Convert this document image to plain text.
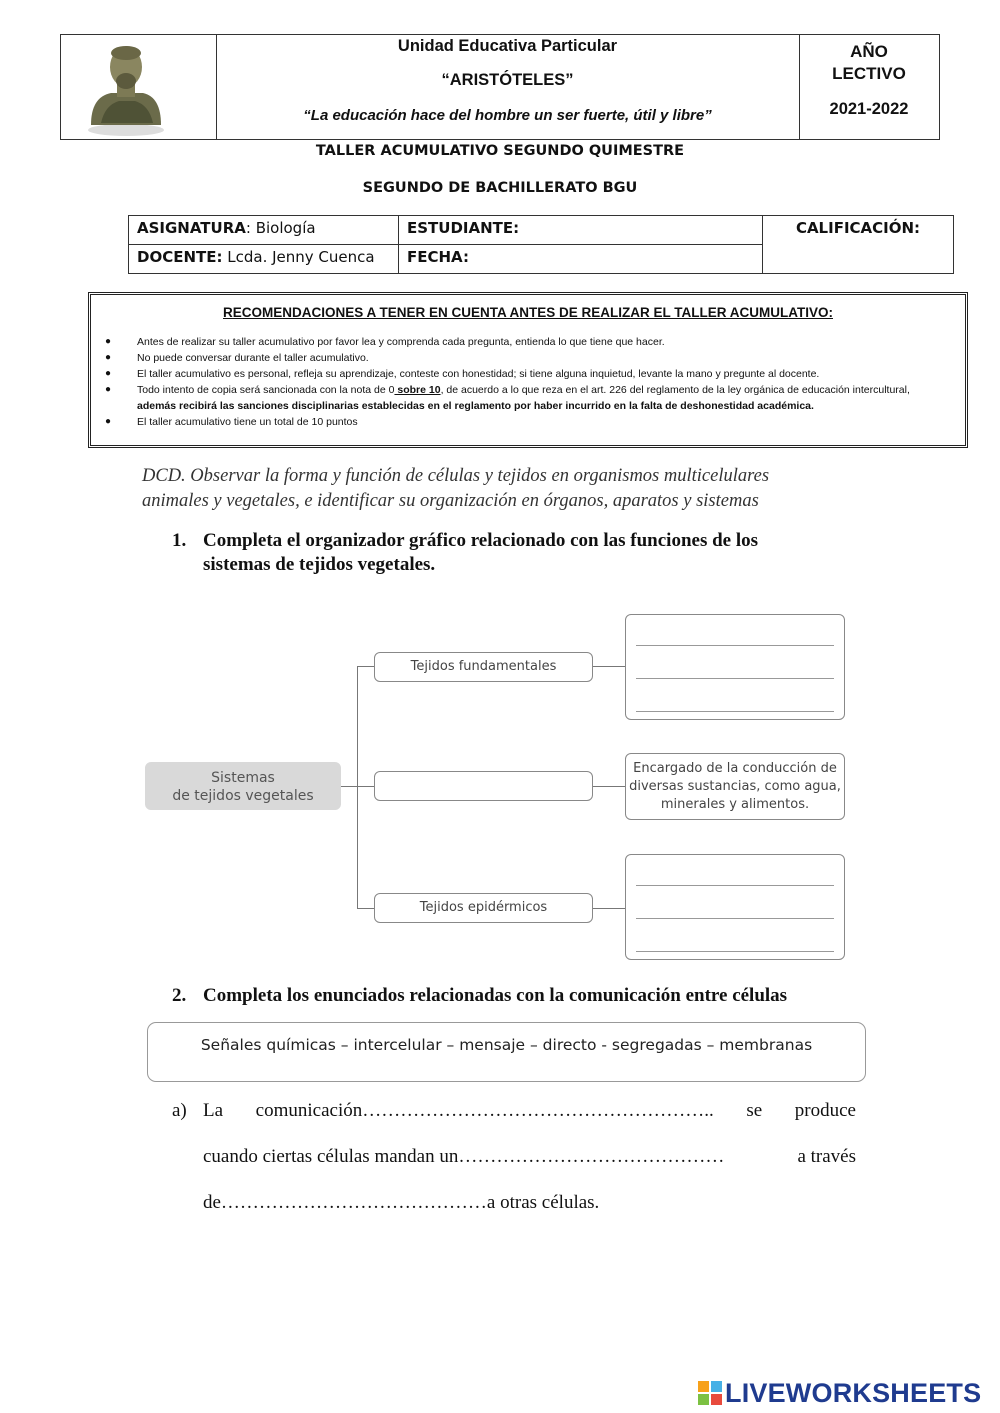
Unidad Educativa Particular
“ARISTÓTELES”
“La educación hace del hombre un ser fuerte, útil y libre”
AÑO
LECTIVO
2021-2022
TALLER ACUMULATIVO SEGUNDO QUIMESTRE
SEGUNDO DE BACHILLERATO BGU
ASIGNATURA: Biología
DOCENTE: Lcda. Jenny Cuenca
ESTUDIANTE:
FECHA:
CALIFICACIÓN:
RECOMENDACIONES A TENER EN CUENTA ANTES DE REALIZAR EL TALLER ACUMULATIVO:
● Antes de realizar su taller acumulativo por favor lea y comprenda cada pregunta, entienda lo que tiene que hacer.
● No puede conversar durante el taller acumulativo.
● El taller acumulativo es personal, refleja su aprendizaje, conteste con honestidad; si tiene alguna inquietud, levante la mano y pregunte al docente.
● Todo intento de copia será sancionada con la nota de 0 sobre 10, de acuerdo a lo que reza en el art. 226 del reglamento de la ley orgánica de educación intercultural,
además recibirá las sanciones disciplinarias establecidas en el reglamento por haber incurrido en la falta de deshonestidad académica.
● El taller acumulativo tiene un total de 10 puntos
DCD. Observar la forma y función de células y tejidos en organismos multicelulares
animales y vegetales, e identificar su organización en órganos, aparatos y sistemas
1. Completa el organizador gráfico relacionado con las funciones de los
sistemas de tejidos vegetales.
Sistemas
de tejidos vegetales
Tejidos fundamentales
Tejidos epidérmicos
Encargado de la conducción de
diversas sustancias, como agua,
minerales y alimentos.
2. Completa los enunciados relacionadas con la comunicación entre células
Señales químicas – intercelular – mensaje – directo - segregadas – membranas
a) La comunicación……………………………………………….. se produce
cuando ciertas células mandan un……………………………………	a través
de……………………………………a otras células.
LIVEWORKSHEETS
